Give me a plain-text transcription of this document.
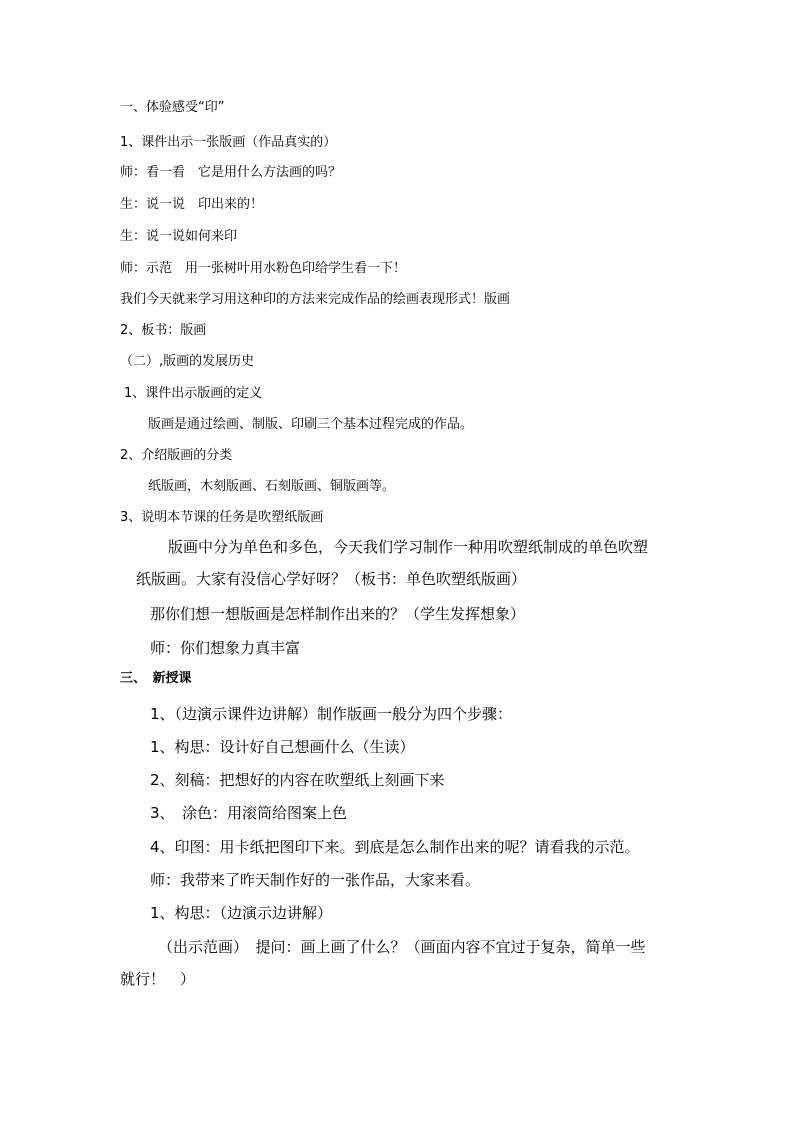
一、体验感受“印”
1、课件出示一张版画（作品真实的）
师：看一看　它是用什么方法画的吗？
生：说一说　印出来的！
生：说一说如何来印
师：示范　用一张树叶用水粉色印给学生看一下！
我们今天就来学习用这种印的方法来完成作品的绘画表现形式！版画
2、板书：版画
（二）,版画的发展历史
1、课件出示版画的定义
版画是通过绘画、制版、印刷三个基本过程完成的作品。
2、介绍版画的分类
纸版画，木刻版画、石刻版画、铜版画等。
3、说明本节课的任务是吹塑纸版画
版画中分为单色和多色，今天我们学习制作一种用吹塑纸制成的单色吹塑
纸版画。大家有没信心学好呀？（板书：单色吹塑纸版画）
那你们想一想版画是怎样制作出来的？（学生发挥想象）
师：你们想象力真丰富
三、　新授课
1、（边演示课件边讲解）制作版画一般分为四个步骤：
1、构思：设计好自己想画什么（生读）
2、刻稿：把想好的内容在吹塑纸上刻画下来
3、　涂色：用滚筒给图案上色
4、印图：用卡纸把图印下来。到底是怎么制作出来的呢？请看我的示范。
师：我带来了昨天制作好的一张作品，大家来看。
1、构思：（边演示边讲解）
（出示范画）　提问：画上画了什么？（画面内容不宜过于复杂，简单一些
就行！　）
